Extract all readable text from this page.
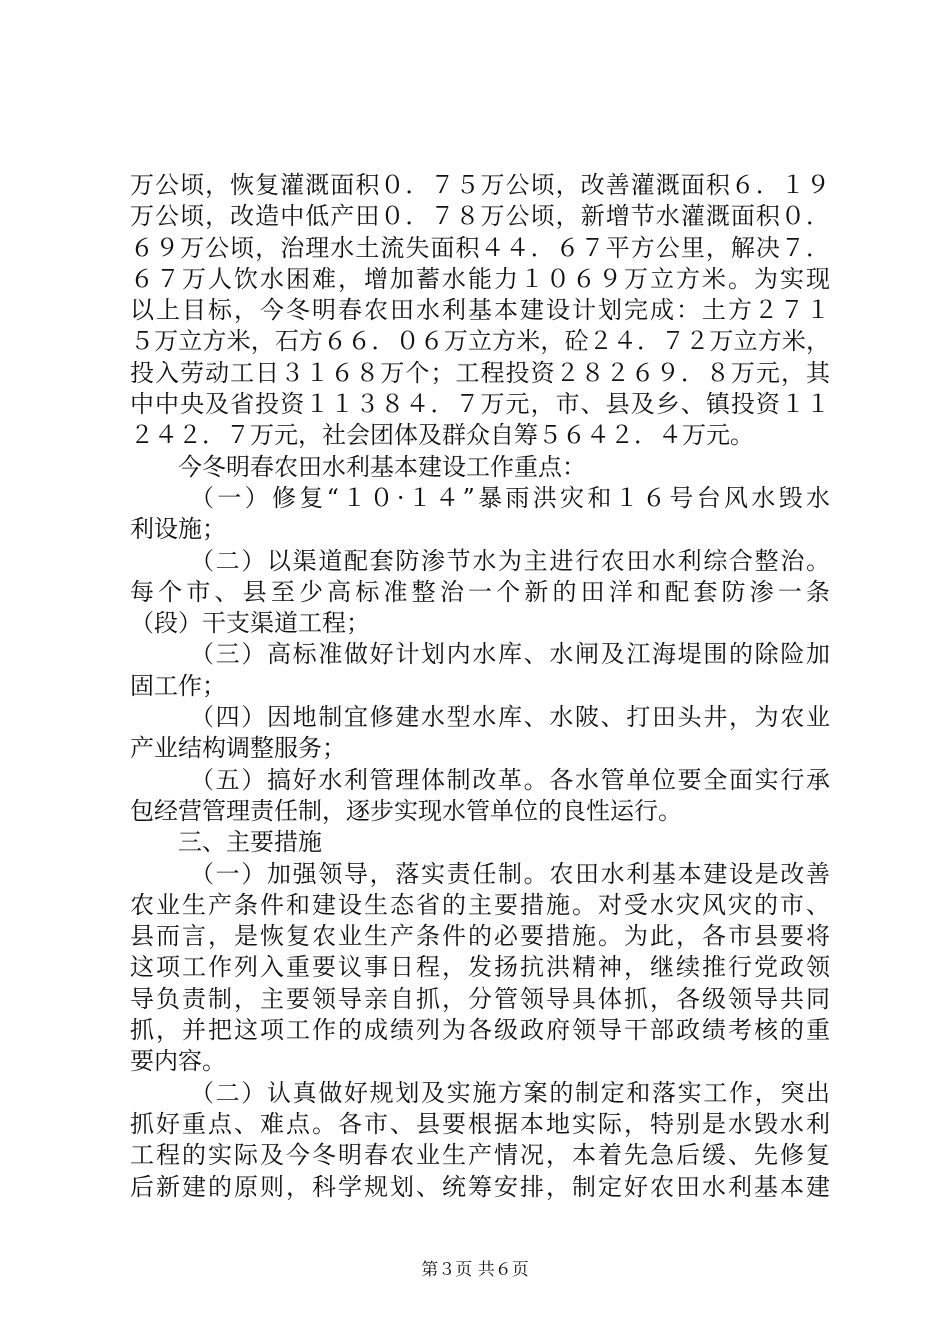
万公顷，恢复灌溉面积０．７５万公顷，改善灌溉面积６．１９
万公顷，改造中低产田０．７８万公顷，新增节水灌溉面积０．
６９万公顷，治理水土流失面积４４．６７平方公里，解决７．
６７万人饮水困难，增加蓄水能力１０６９万立方米。为实现
以上目标，今冬明春农田水利基本建设计划完成：土方２７１
５万立方米，石方６６．０６万立方米，砼２４．７２万立方米，
投入劳动工日３１６８万个；工程投资２８２６９．８万元，其
中中央及省投资１１３８４．７万元，市、县及乡、镇投资１１
２４２．７万元，社会团体及群众自筹５６４２．４万元。
今冬明春农田水利基本建设工作重点：
（一）修复“１０·１４”暴雨洪灾和１６号台风水毁水
利设施；
（二）以渠道配套防渗节水为主进行农田水利综合整治。
每个市、县至少高标准整治一个新的田洋和配套防渗一条
（段）干支渠道工程；
（三）高标准做好计划内水库、水闸及江海堤围的除险加
固工作；
（四）因地制宜修建水型水库、水陂、打田头井，为农业
产业结构调整服务；
（五）搞好水利管理体制改革。各水管单位要全面实行承
包经营管理责任制，逐步实现水管单位的良性运行。
三、主要措施
（一）加强领导，落实责任制。农田水利基本建设是改善
农业生产条件和建设生态省的主要措施。对受水灾风灾的市、
县而言，是恢复农业生产条件的必要措施。为此，各市县要将
这项工作列入重要议事日程，发扬抗洪精神，继续推行党政领
导负责制，主要领导亲自抓，分管领导具体抓，各级领导共同
抓，并把这项工作的成绩列为各级政府领导干部政绩考核的重
要内容。
（二）认真做好规划及实施方案的制定和落实工作，突出
抓好重点、难点。各市、县要根据本地实际，特别是水毁水利
工程的实际及今冬明春农业生产情况，本着先急后缓、先修复
后新建的原则，科学规划、统筹安排，制定好农田水利基本建
第３页 共６页
